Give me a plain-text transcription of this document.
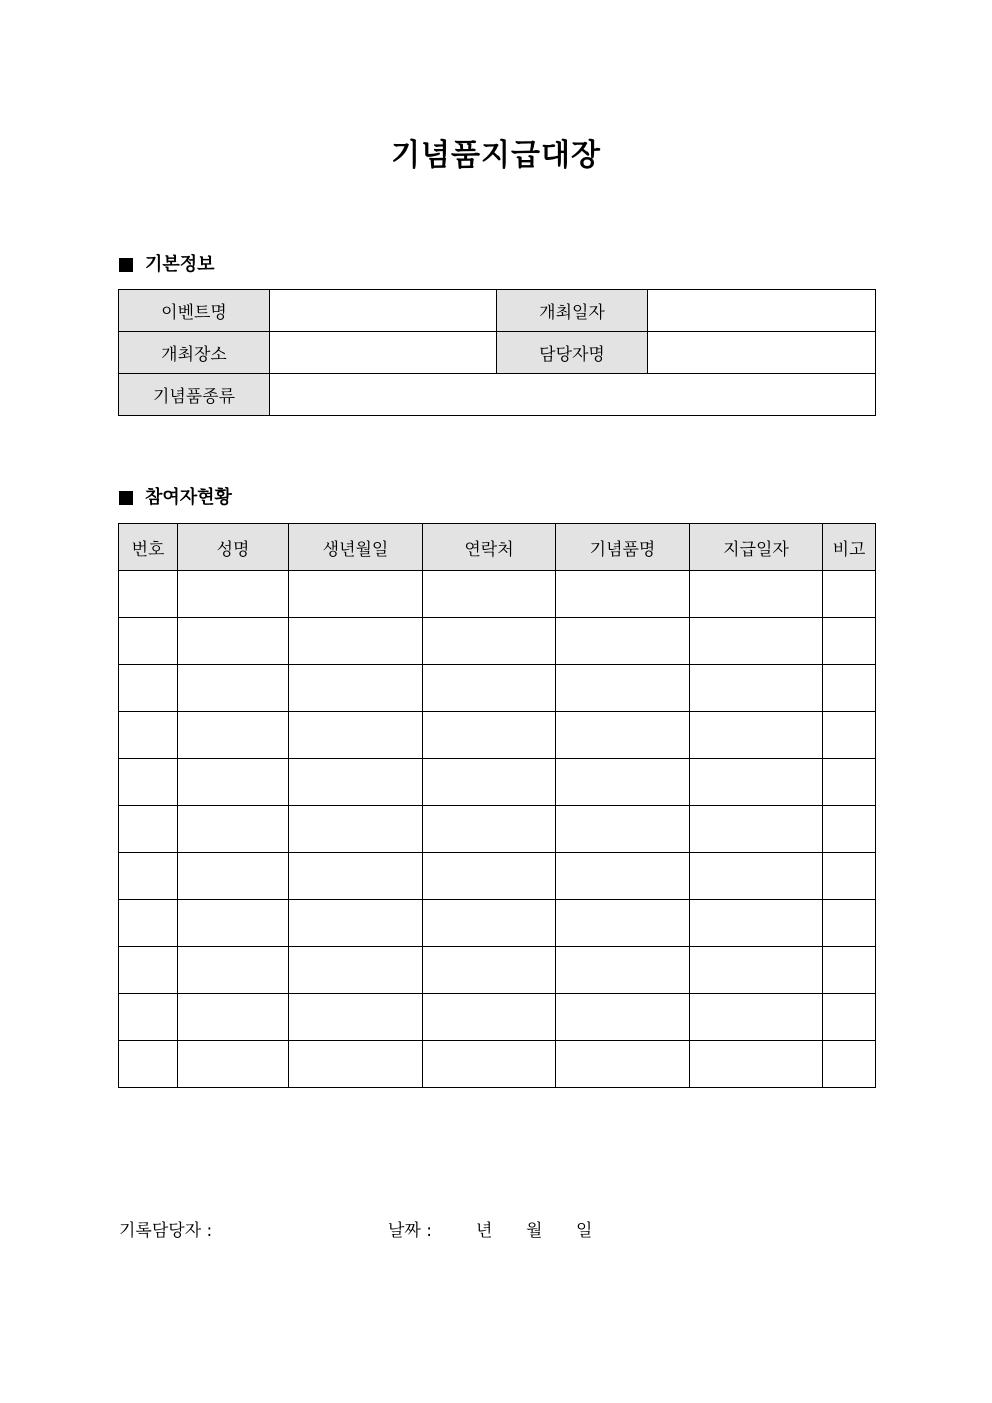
기념품지급대장
기본정보
이벤트명		개최일자	
개최장소		담당자명	
기념품종류			
참여자현황
번호	성명	생년월일	연락처	기념품명	지급일자	비고

기록담당자 :	날짜 :	년 월 일
